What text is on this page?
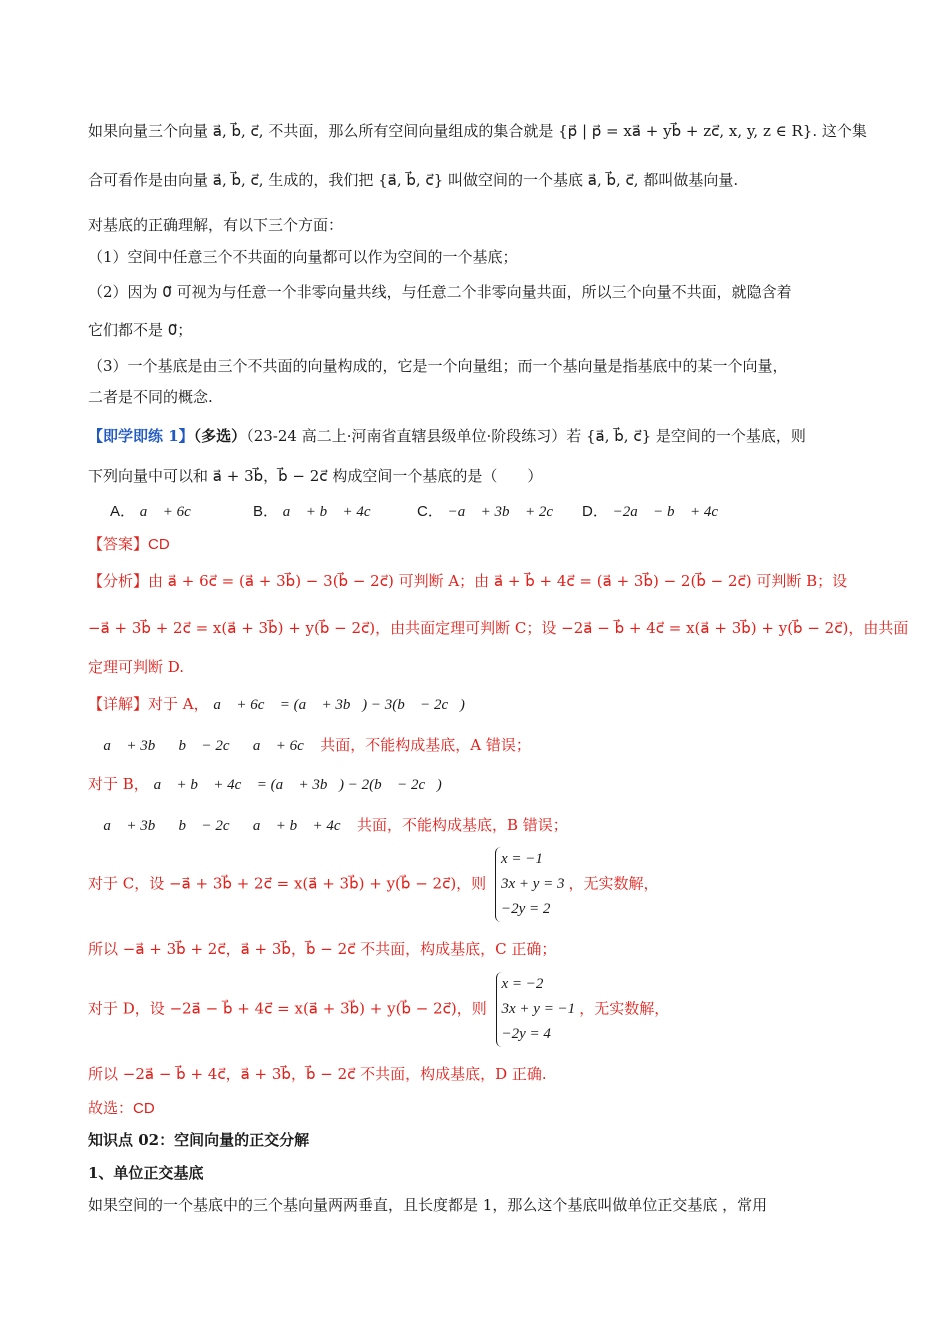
如果向量三个向量 a⃗, b⃗, c⃗, 不共面，那么所有空间向量组成的集合就是 {p⃗ | p⃗ = xa⃗ + yb⃗ + zc⃗, x, y, z ∈ R}. 这个集
合可看作是由向量 a⃗, b⃗, c⃗, 生成的，我们把 {a⃗, b⃗, c⃗} 叫做空间的一个基底 a⃗, b⃗, c⃗, 都叫做基向量.
对基底的正确理解，有以下三个方面：
（1）空间中任意三个不共面的向量都可以作为空间的一个基底；
（2）因为 0⃗ 可视为与任意一个非零向量共线，与任意二个非零向量共面，所以三个向量不共面，就隐含着
它们都不是 0⃗；
（3）一个基底是由三个不共面的向量构成的，它是一个向量组；而一个基向量是指基底中的某一个向量，
二者是不同的概念.
【即学即练 1】（多选）（23-24 高二上·河南省直辖县级单位·阶段练习）若 {a⃗, b⃗, c⃗} 是空间的一个基底，则
下列向量中可以和 a⃗ + 3b⃗，b⃗ − 2c⃗ 构成空间一个基底的是（　　）
A． a⃗ + 6c⃗	B． a⃗ + b⃗ + 4c⃗ C． −a⃗ + 3b⃗ + 2c⃗ D． −2a⃗ − b⃗ + 4c⃗
【答案】CD
【分析】由 a⃗ + 6c⃗ = (a⃗ + 3b⃗) − 3(b⃗ − 2c⃗) 可判断 A；由 a⃗ + b⃗ + 4c⃗ = (a⃗ + 3b⃗) − 2(b⃗ − 2c⃗) 可判断 B；设
−a⃗ + 3b⃗ + 2c⃗ = x(a⃗ + 3b⃗) + y(b⃗ − 2c⃗)，由共面定理可判断 C；设 −2a⃗ − b⃗ + 4c⃗ = x(a⃗ + 3b⃗) + y(b⃗ − 2c⃗)，由共面
定理可判断 D.
【详解】对于 A， a⃗ + 6c⃗ = (a⃗ + 3b⃗) − 3(b⃗ − 2c⃗)，
∴ a⃗ + 3b⃗，b⃗ − 2c⃗，a⃗ + 6c⃗ 共面，不能构成基底，A 错误；
对于 B， a⃗ + b⃗ + 4c⃗ = (a⃗ + 3b⃗) − 2(b⃗ − 2c⃗)，
∴ a⃗ + 3b⃗，b⃗ − 2c⃗，a⃗ + b⃗ + 4c⃗ 共面，不能构成基底，B 错误；
对于 C，设 −a⃗ + 3b⃗ + 2c⃗ = x(a⃗ + 3b⃗) + y(b⃗ − 2c⃗)，则
x = −1
3x + y = 3
−2y = 2
，无实数解，
所以 −a⃗ + 3b⃗ + 2c⃗，a⃗ + 3b⃗，b⃗ − 2c⃗ 不共面，构成基底，C 正确；
对于 D，设 −2a⃗ − b⃗ + 4c⃗ = x(a⃗ + 3b⃗) + y(b⃗ − 2c⃗)，则
x = −2
3x + y = −1
−2y = 4
，无实数解，
所以 −2a⃗ − b⃗ + 4c⃗，a⃗ + 3b⃗，b⃗ − 2c⃗ 不共面，构成基底，D 正确.
故选：CD
知识点 02：空间向量的正交分解
1、单位正交基底
如果空间的一个基底中的三个基向量两两垂直，且长度都是 1，那么这个基底叫做单位正交基底 ，常用
